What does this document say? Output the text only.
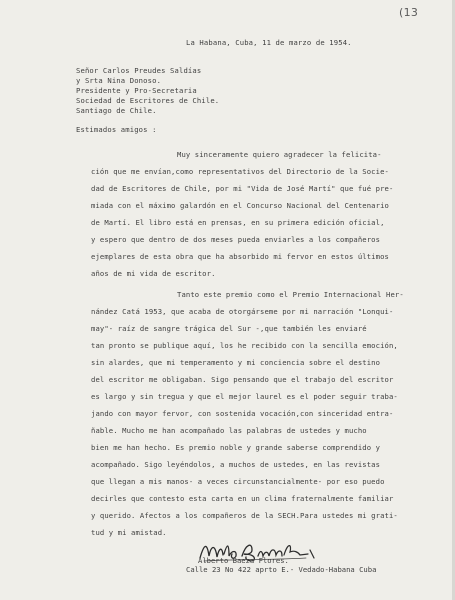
(13
La Habana, Cuba, 11 de marzo de 1954.
Señor Carlos Preudes Saldías
y Srta Nina Donoso.
Presidente y Pro-Secretaria
Sociedad de Escritores de Chile.
Santiago de Chile.
Estimados amigos :
Muy sinceramente quiero agradecer la felicita-
ción que me envían,como representativos del Directorio de la Socie-
dad de Escritores de Chile, por mi "Vida de José Martí" que fué pre-
miada con el máximo galardón en el Concurso Nacional del Centenario
de Martí. El libro está en prensas, en su primera edición oficial,
y espero que dentro de dos meses pueda enviarles a los compañeros
ejemplares de esta obra que ha absorbido mi fervor en estos últimos
años de mi vida de escritor.
Tanto este premio como el Premio Internacional Her-
nández Catá 1953, que acaba de otorgárseme por mi narración "Lonqui-
may"- raíz de sangre trágica del Sur -,que también les enviaré
tan pronto se publique aquí, los he recibido con la sencilla emoción,
sin alardes, que mi temperamento y mi conciencia sobre el destino
del escritor me obligaban. Sigo pensando que el trabajo del escritor
es largo y sin tregua y que el mejor laurel es el poder seguir traba-
jando con mayor fervor, con sostenida vocación,con sinceridad entra-
ñable. Mucho me han acompañado las palabras de ustedes y mucho
bien me han hecho. Es premio noble y grande saberse comprendido y
acompañado. Sigo leyéndolos, a muchos de ustedes, en las revistas
que llegan a mis manos- a veces circunstancialmente- por eso puedo
decirles que contesto esta carta en un clima fraternalmente familiar
y querido. Afectos a los compañeros de la SECH.Para ustedes mi grati-
tud y mi amistad.
Alberto Baeza Flores.
Calle 23 No 422 aprto E.- Vedado-Habana Cuba
